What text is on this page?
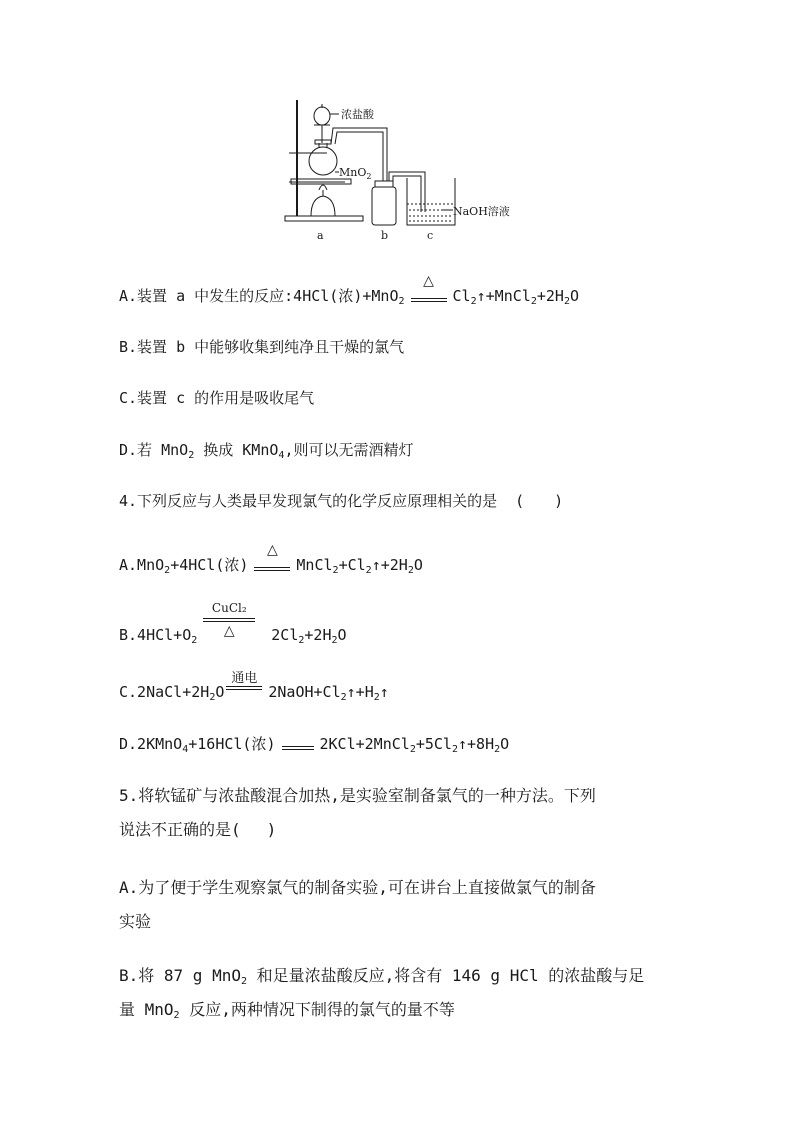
浓盐酸
MnO$_2$
NaOH溶液
a	b	c
A.装置 a 中发生的反应:4HCl(浓)+MnO$_2$
△
$Cl_2↑+MnCl_2+2H_2O$
B.装置 b 中能够收集到纯净且干燥的氯气
C.装置 c 的作用是吸收尾气
D.若 MnO$_2$ 换成 KMnO$_4$,则可以无需酒精灯
4.下列反应与人类最早发现氯气的化学反应原理相关的是 (　　)
A.MnO$_2$+4HCl(浓)
△
$MnCl_2+Cl_2↑+2H_2O$
$B.4HCl+O_2$
CuCl₂
△	$2Cl_2+2H_2O$
$C.2NaCl+2H_2O$
通电
$2NaOH+Cl_2↑+H_2↑$
D.2KMnO$_4$+16HCl(浓)	$2KCl+2MnCl_2+5Cl_2↑+8H_2O$
5.将软锰矿与浓盐酸混合加热,是实验室制备氯气的一种方法。下列
说法不正确的是( )
A.为了便于学生观察氯气的制备实验,可在讲台上直接做氯气的制备
实验
B.将 87 g MnO$_2$ 和足量浓盐酸反应,将含有 146 g HCl 的浓盐酸与足
量 MnO$_2$ 反应,两种情况下制得的氯气的量不等
